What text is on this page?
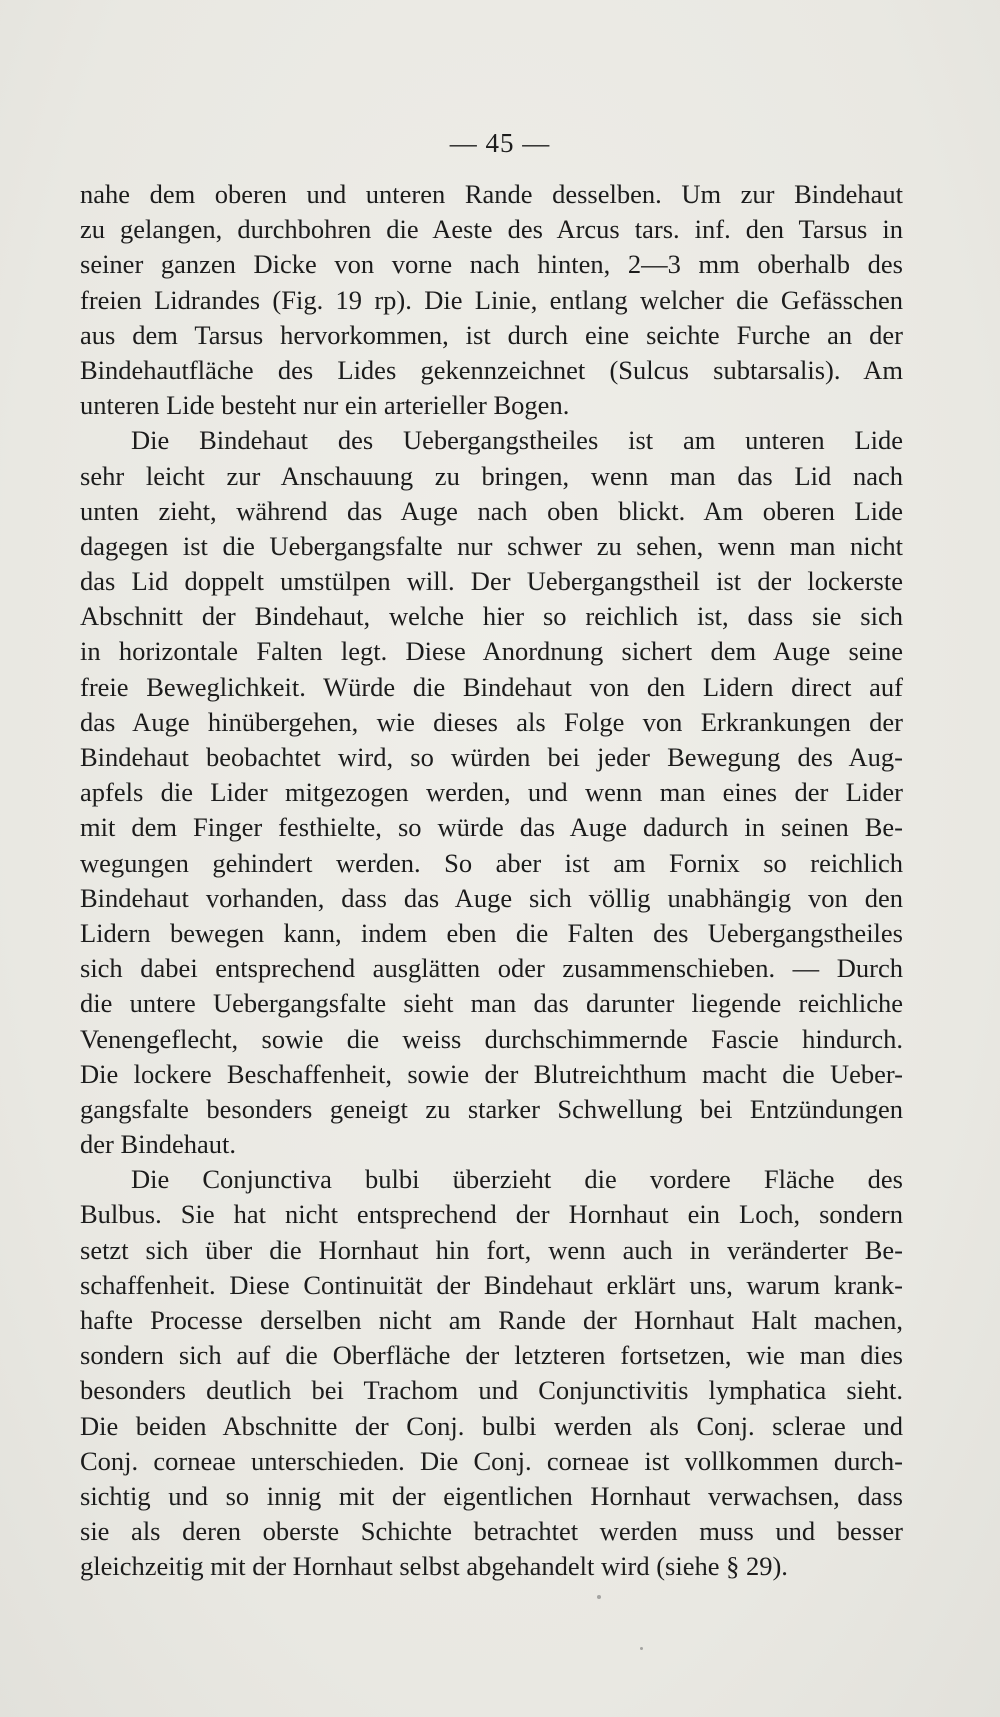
— 45 —
nahe dem oberen und unteren Rande desselben. Um zur Bindehaut
zu gelangen, durchbohren die Aeste des Arcus tars. inf. den Tarsus in
seiner ganzen Dicke von vorne nach hinten, 2—3 mm oberhalb des
freien Lidrandes (Fig. 19 rp). Die Linie, entlang welcher die Gefässchen
aus dem Tarsus hervorkommen, ist durch eine seichte Furche an der
Bindehautfläche des Lides gekennzeichnet (Sulcus subtarsalis). Am
unteren Lide besteht nur ein arterieller Bogen.
Die Bindehaut des Uebergangstheiles ist am unteren Lide
sehr leicht zur Anschauung zu bringen, wenn man das Lid nach
unten zieht, während das Auge nach oben blickt. Am oberen Lide
dagegen ist die Uebergangsfalte nur schwer zu sehen, wenn man nicht
das Lid doppelt umstülpen will. Der Uebergangstheil ist der lockerste
Abschnitt der Bindehaut, welche hier so reichlich ist, dass sie sich
in horizontale Falten legt. Diese Anordnung sichert dem Auge seine
freie Beweglichkeit. Würde die Bindehaut von den Lidern direct auf
das Auge hinübergehen, wie dieses als Folge von Erkrankungen der
Bindehaut beobachtet wird, so würden bei jeder Bewegung des Aug-
apfels die Lider mitgezogen werden, und wenn man eines der Lider
mit dem Finger festhielte, so würde das Auge dadurch in seinen Be-
wegungen gehindert werden. So aber ist am Fornix so reichlich
Bindehaut vorhanden, dass das Auge sich völlig unabhängig von den
Lidern bewegen kann, indem eben die Falten des Uebergangstheiles
sich dabei entsprechend ausglätten oder zusammenschieben. — Durch
die untere Uebergangsfalte sieht man das darunter liegende reichliche
Venengeflecht, sowie die weiss durchschimmernde Fascie hindurch.
Die lockere Beschaffenheit, sowie der Blutreichthum macht die Ueber-
gangsfalte besonders geneigt zu starker Schwellung bei Entzündungen
der Bindehaut.
Die Conjunctiva bulbi überzieht die vordere Fläche des
Bulbus. Sie hat nicht entsprechend der Hornhaut ein Loch, sondern
setzt sich über die Hornhaut hin fort, wenn auch in veränderter Be-
schaffenheit. Diese Continuität der Bindehaut erklärt uns, warum krank-
hafte Processe derselben nicht am Rande der Hornhaut Halt machen,
sondern sich auf die Oberfläche der letzteren fortsetzen, wie man dies
besonders deutlich bei Trachom und Conjunctivitis lymphatica sieht.
Die beiden Abschnitte der Conj. bulbi werden als Conj. sclerae und
Conj. corneae unterschieden. Die Conj. corneae ist vollkommen durch-
sichtig und so innig mit der eigentlichen Hornhaut verwachsen, dass
sie als deren oberste Schichte betrachtet werden muss und besser
gleichzeitig mit der Hornhaut selbst abgehandelt wird (siehe § 29).
